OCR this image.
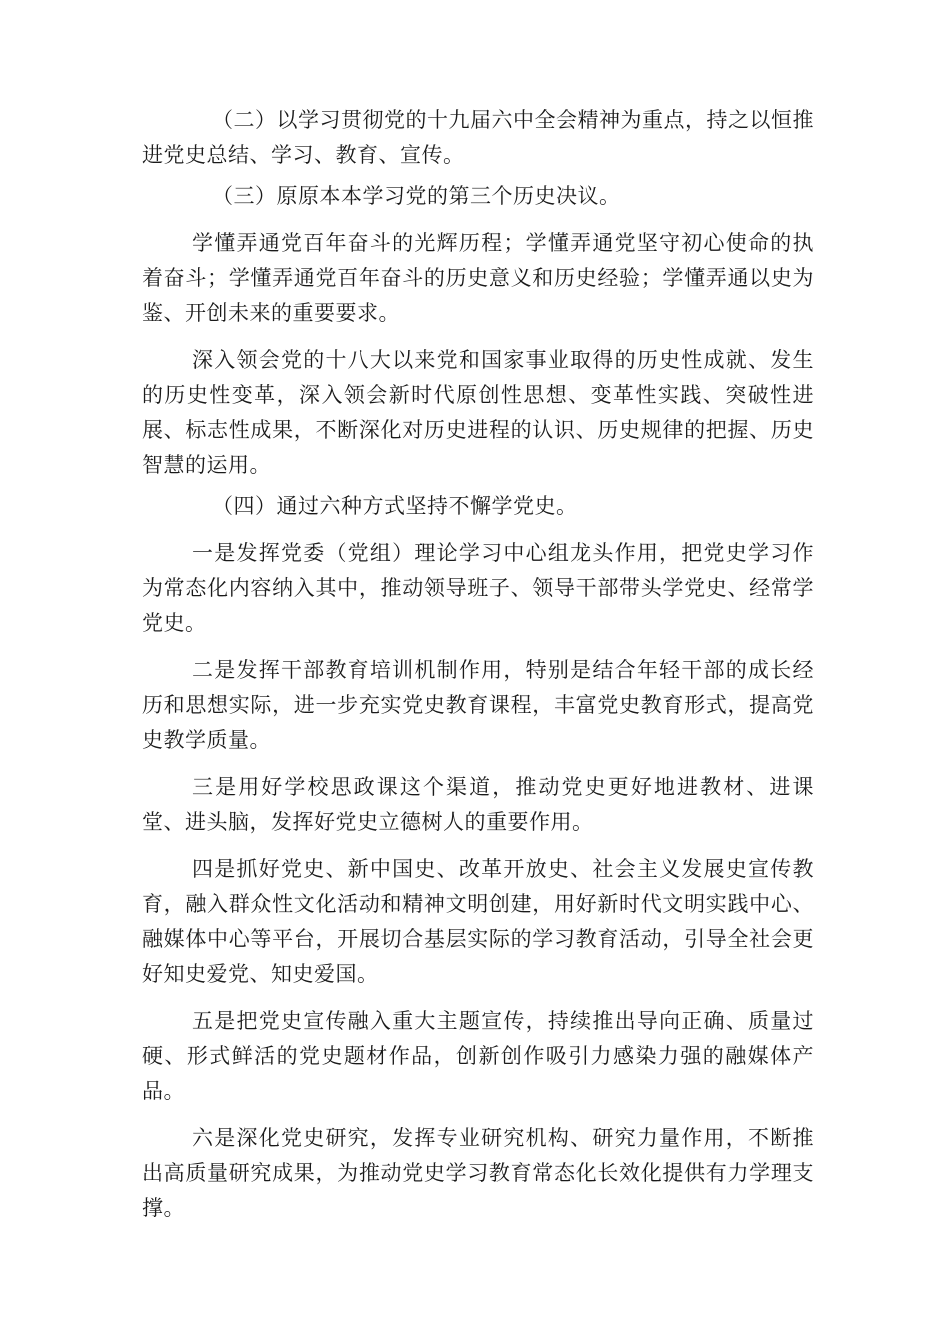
（二）以学习贯彻党的十九届六中全会精神为重点，持之以恒推进党史总结、学习、教育、宣传。

（三）原原本本学习党的第三个历史决议。

学懂弄通党百年奋斗的光辉历程；学懂弄通党坚守初心使命的执着奋斗；学懂弄通党百年奋斗的历史意义和历史经验；学懂弄通以史为鉴、开创未来的重要要求。

深入领会党的十八大以来党和国家事业取得的历史性成就、发生的历史性变革，深入领会新时代原创性思想、变革性实践、突破性进展、标志性成果，不断深化对历史进程的认识、历史规律的把握、历史智慧的运用。

（四）通过六种方式坚持不懈学党史。

一是发挥党委（党组）理论学习中心组龙头作用，把党史学习作为常态化内容纳入其中，推动领导班子、领导干部带头学党史、经常学党史。

二是发挥干部教育培训机制作用，特别是结合年轻干部的成长经历和思想实际，进一步充实党史教育课程，丰富党史教育形式，提高党史教学质量。

三是用好学校思政课这个渠道，推动党史更好地进教材、进课堂、进头脑，发挥好党史立德树人的重要作用。

四是抓好党史、新中国史、改革开放史、社会主义发展史宣传教育，融入群众性文化活动和精神文明创建，用好新时代文明实践中心、融媒体中心等平台，开展切合基层实际的学习教育活动，引导全社会更好知史爱党、知史爱国。

五是把党史宣传融入重大主题宣传，持续推出导向正确、质量过硬、形式鲜活的党史题材作品，创新创作吸引力感染力强的融媒体产品。

六是深化党史研究，发挥专业研究机构、研究力量作用，不断推出高质量研究成果，为推动党史学习教育常态化长效化提供有力学理支撑。
